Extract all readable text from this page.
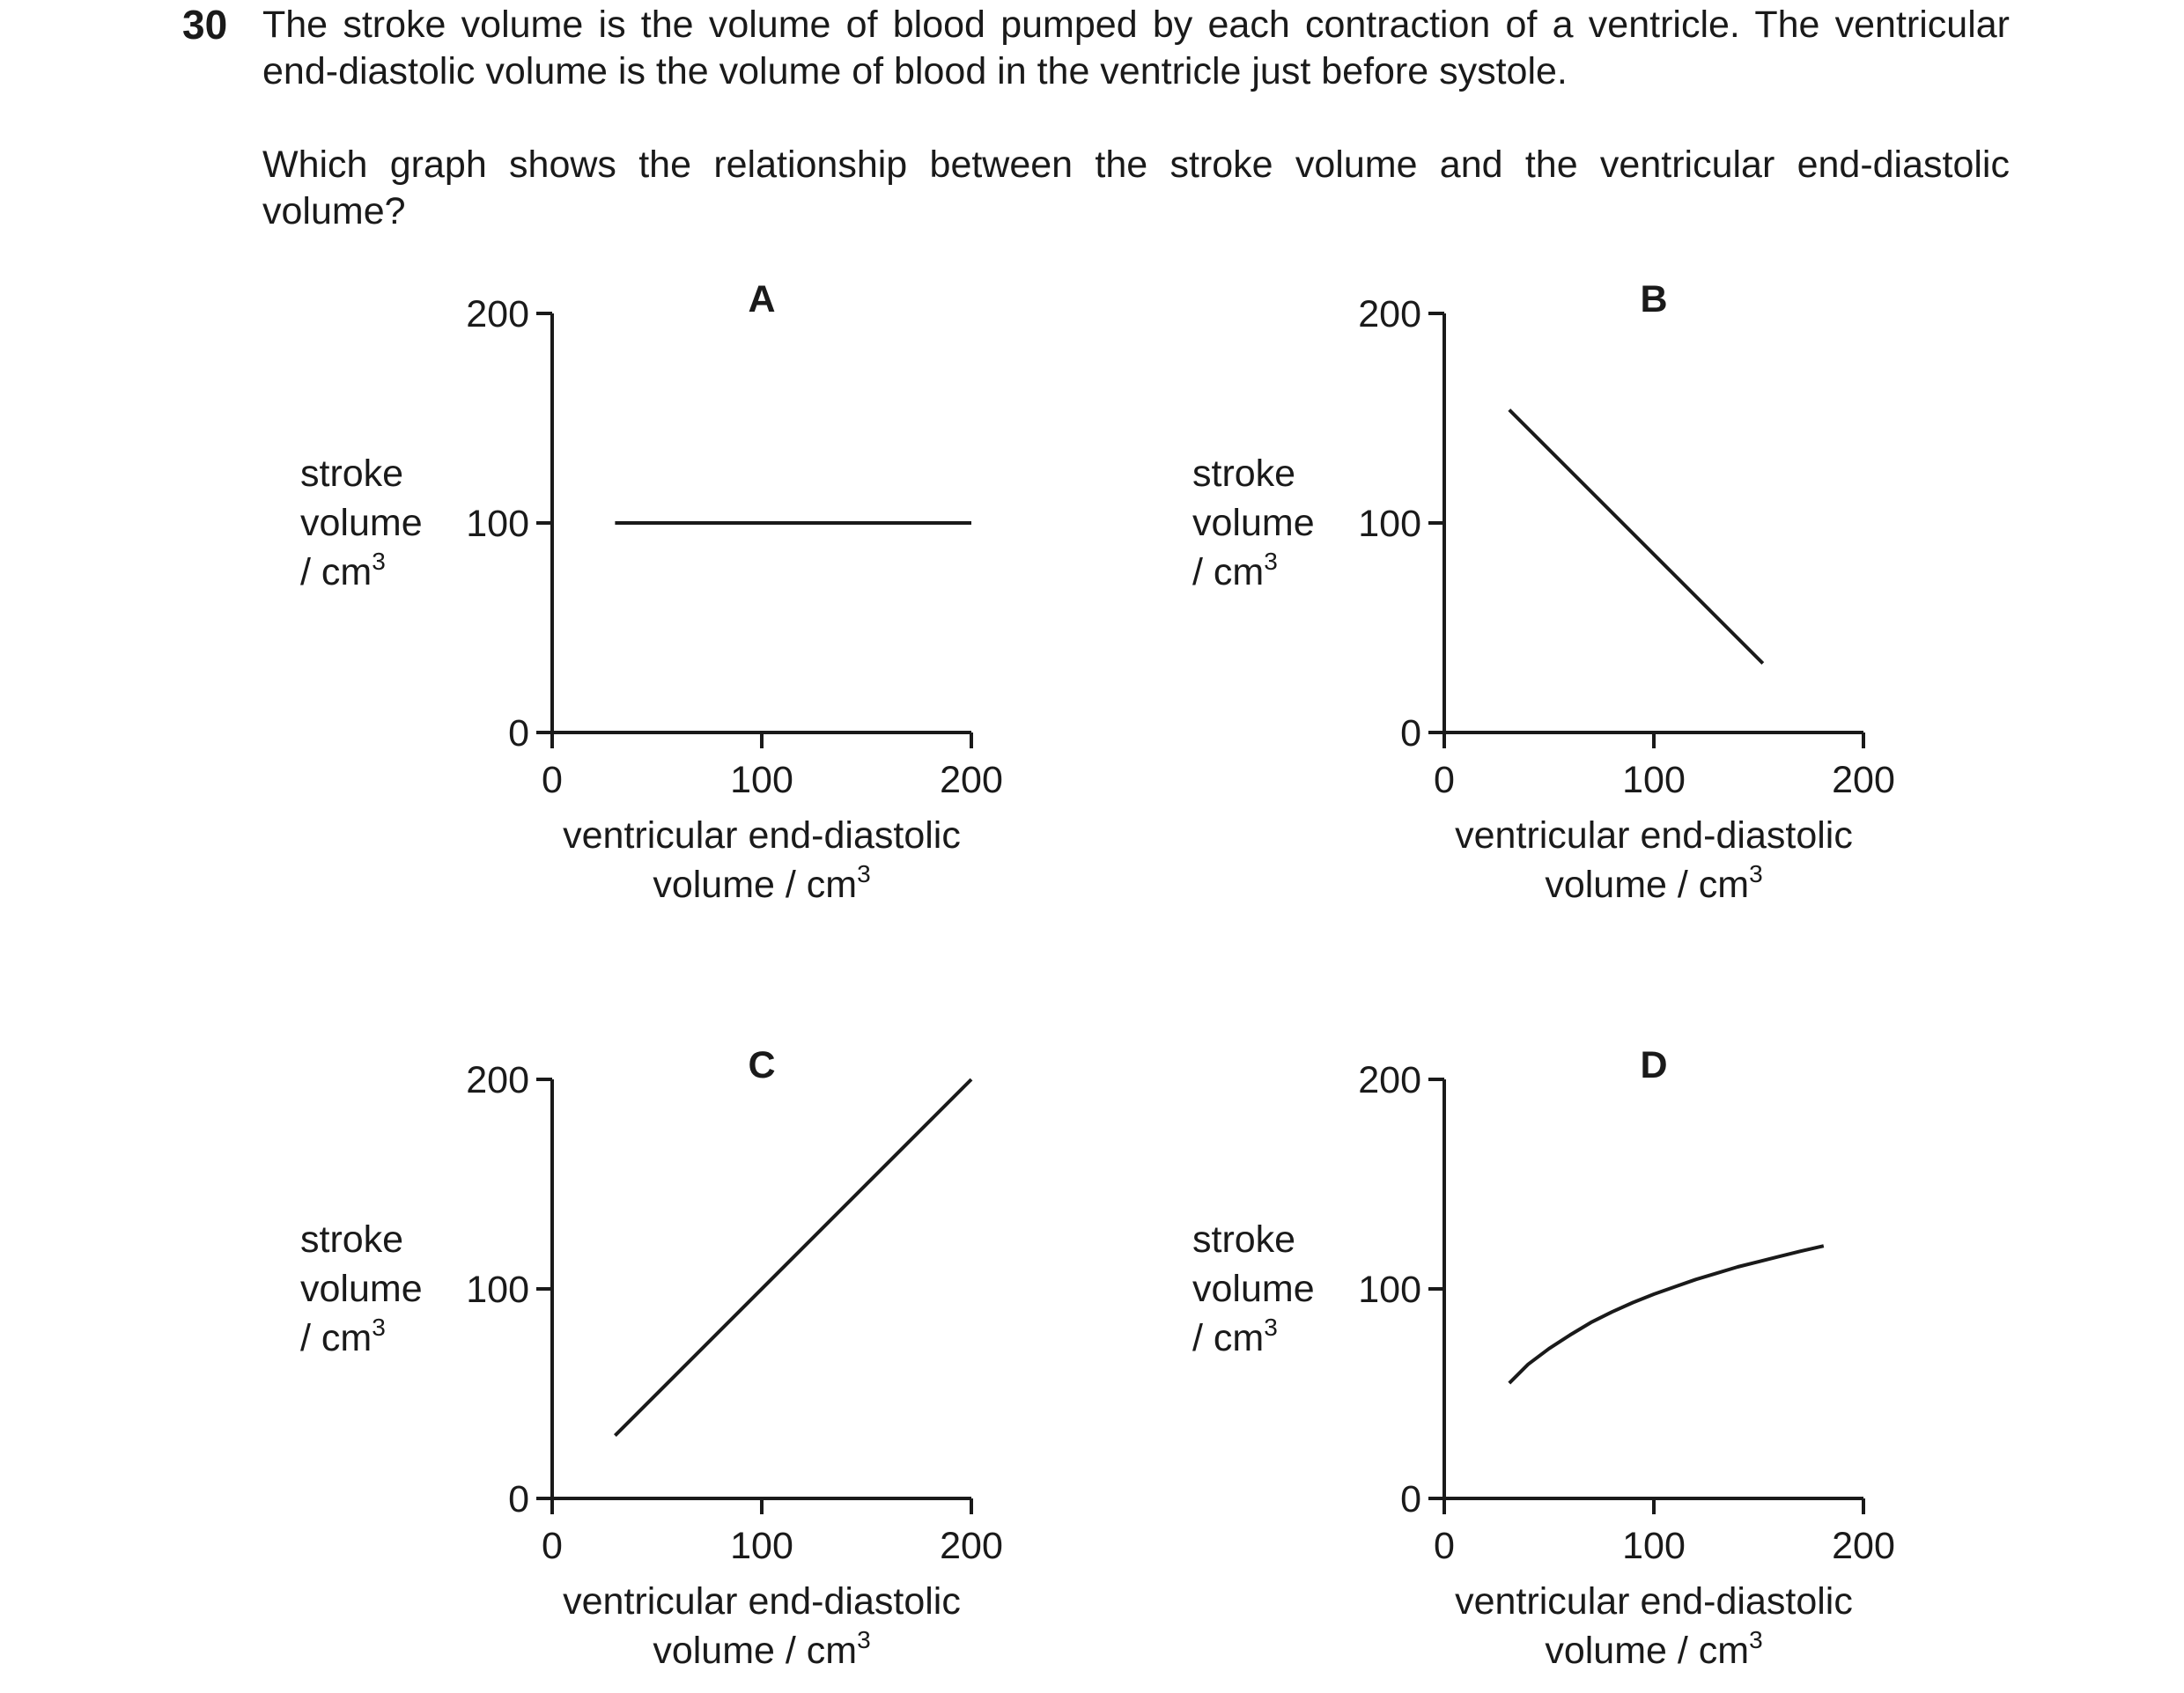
30 The stroke volume is the volume of blood pumped by each contraction of a ventricle. The ventricular end-diastolic volume is the volume of blood in the ventricle just before systole.

Which graph shows the relationship between the stroke volume and the ventricular end-diastolic volume?

0
100
200
0	100	200
A
stroke
volume
/ $cm^3$
ventricular end-diastolic
volume / $cm^3$
0
100
200
0	100	200
B
stroke
volume
/ $cm^3$
ventricular end-diastolic
volume / $cm^3$
0
100
200
0	100	200
C
stroke
volume
/ $cm^3$
ventricular end-diastolic
volume / $cm^3$
0
100
200
0	100	200
D
stroke
volume
/ $cm^3$
ventricular end-diastolic
volume / $cm^3$
